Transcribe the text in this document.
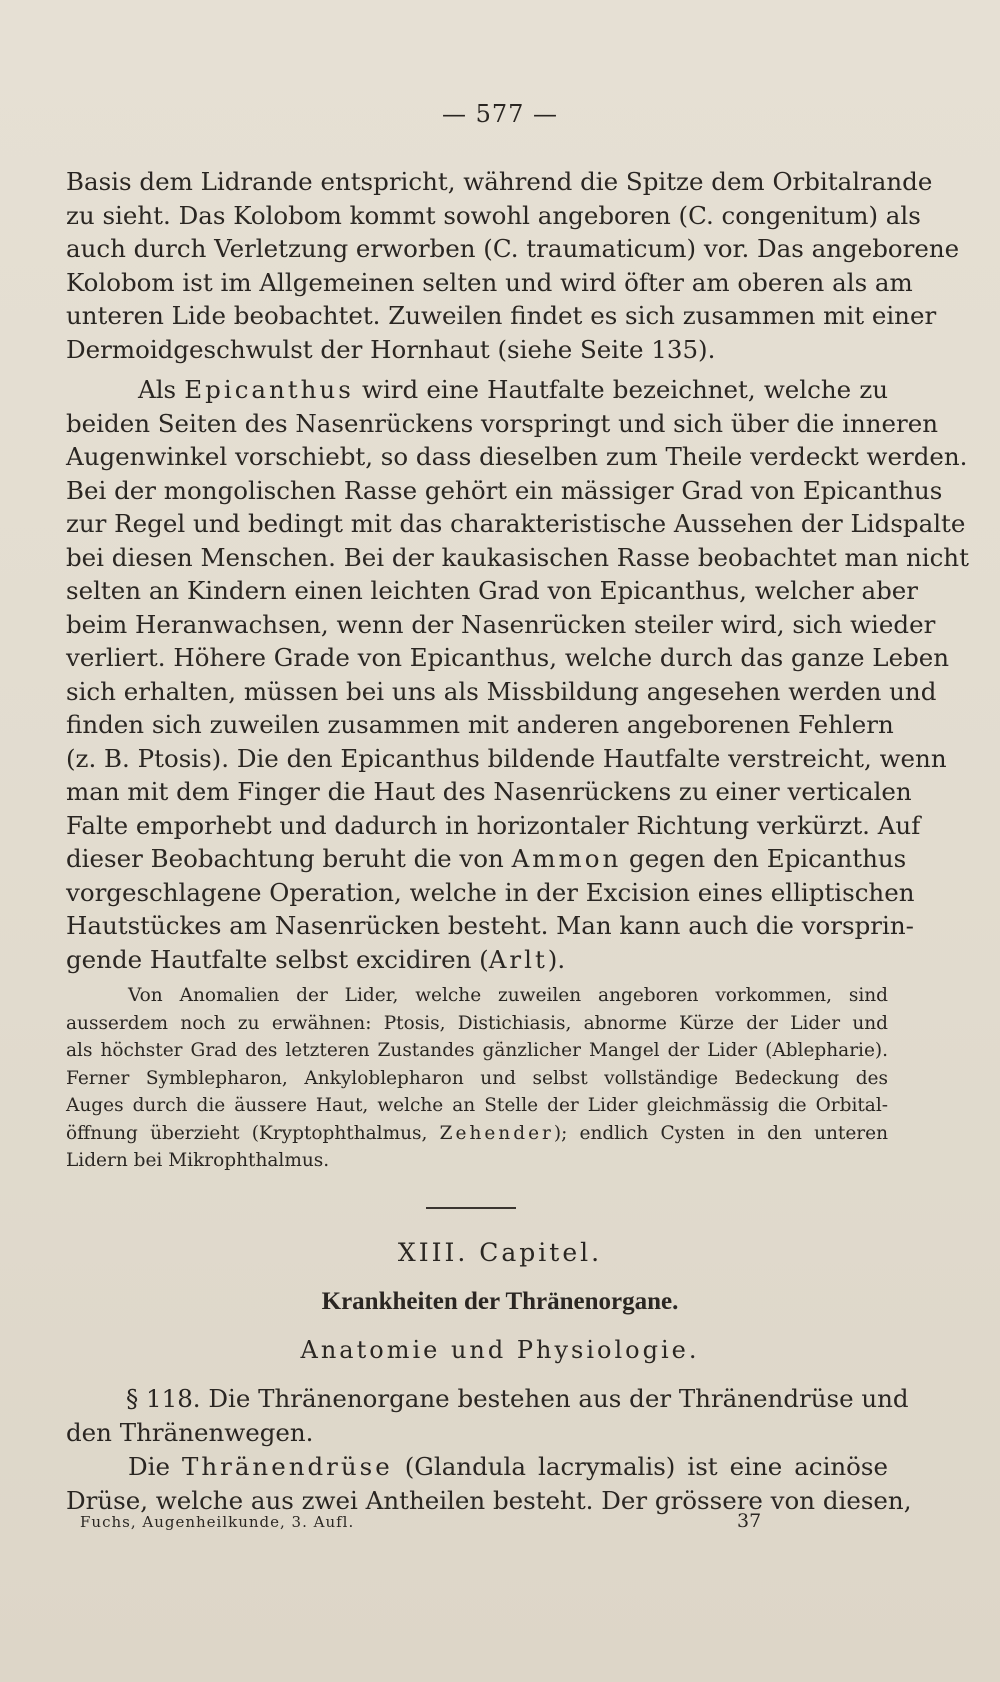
— 577 —
Basis dem Lidrande entspricht, während die Spitze dem Orbitalrande
zu sieht. Das Kolobom kommt sowohl angeboren (C. congenitum) als
auch durch Verletzung erworben (C. traumaticum) vor. Das angeborene
Kolobom ist im Allgemeinen selten und wird öfter am oberen als am
unteren Lide beobachtet. Zuweilen findet es sich zusammen mit einer
Dermoidgeschwulst der Hornhaut (siehe Seite 135).
Als Epicanthus wird eine Hautfalte bezeichnet, welche zu
beiden Seiten des Nasenrückens vorspringt und sich über die inneren
Augenwinkel vorschiebt, so dass dieselben zum Theile verdeckt werden.
Bei der mongolischen Rasse gehört ein mässiger Grad von Epicanthus
zur Regel und bedingt mit das charakteristische Aussehen der Lidspalte
bei diesen Menschen. Bei der kaukasischen Rasse beobachtet man nicht
selten an Kindern einen leichten Grad von Epicanthus, welcher aber
beim Heranwachsen, wenn der Nasenrücken steiler wird, sich wieder
verliert. Höhere Grade von Epicanthus, welche durch das ganze Leben
sich erhalten, müssen bei uns als Missbildung angesehen werden und
finden sich zuweilen zusammen mit anderen angeborenen Fehlern
(z. B. Ptosis). Die den Epicanthus bildende Hautfalte verstreicht, wenn
man mit dem Finger die Haut des Nasenrückens zu einer verticalen
Falte emporhebt und dadurch in horizontaler Richtung verkürzt. Auf
dieser Beobachtung beruht die von Ammon gegen den Epicanthus
vorgeschlagene Operation, welche in der Excision eines elliptischen
Hautstückes am Nasenrücken besteht. Man kann auch die vorsprin-
gende Hautfalte selbst excidiren (Arlt).
Von Anomalien der Lider, welche zuweilen angeboren vorkommen, sind
ausserdem noch zu erwähnen: Ptosis, Distichiasis, abnorme Kürze der Lider und
als höchster Grad des letzteren Zustandes gänzlicher Mangel der Lider (Ablepharie).
Ferner Symblepharon, Ankyloblepharon und selbst vollständige Bedeckung des
Auges durch die äussere Haut, welche an Stelle der Lider gleichmässig die Orbital-
öffnung überzieht (Kryptophthalmus, Zehender); endlich Cysten in den unteren
Lidern bei Mikrophthalmus.
XIII. Capitel.
Krankheiten der Thränenorgane.
Anatomie und Physiologie.
§ 118. Die Thränenorgane bestehen aus der Thränendrüse und
den Thränenwegen.
Die Thränendrüse (Glandula lacrymalis) ist eine acinöse
Drüse, welche aus zwei Antheilen besteht. Der grössere von diesen,
Fuchs, Augenheilkunde, 3. Aufl.	37
